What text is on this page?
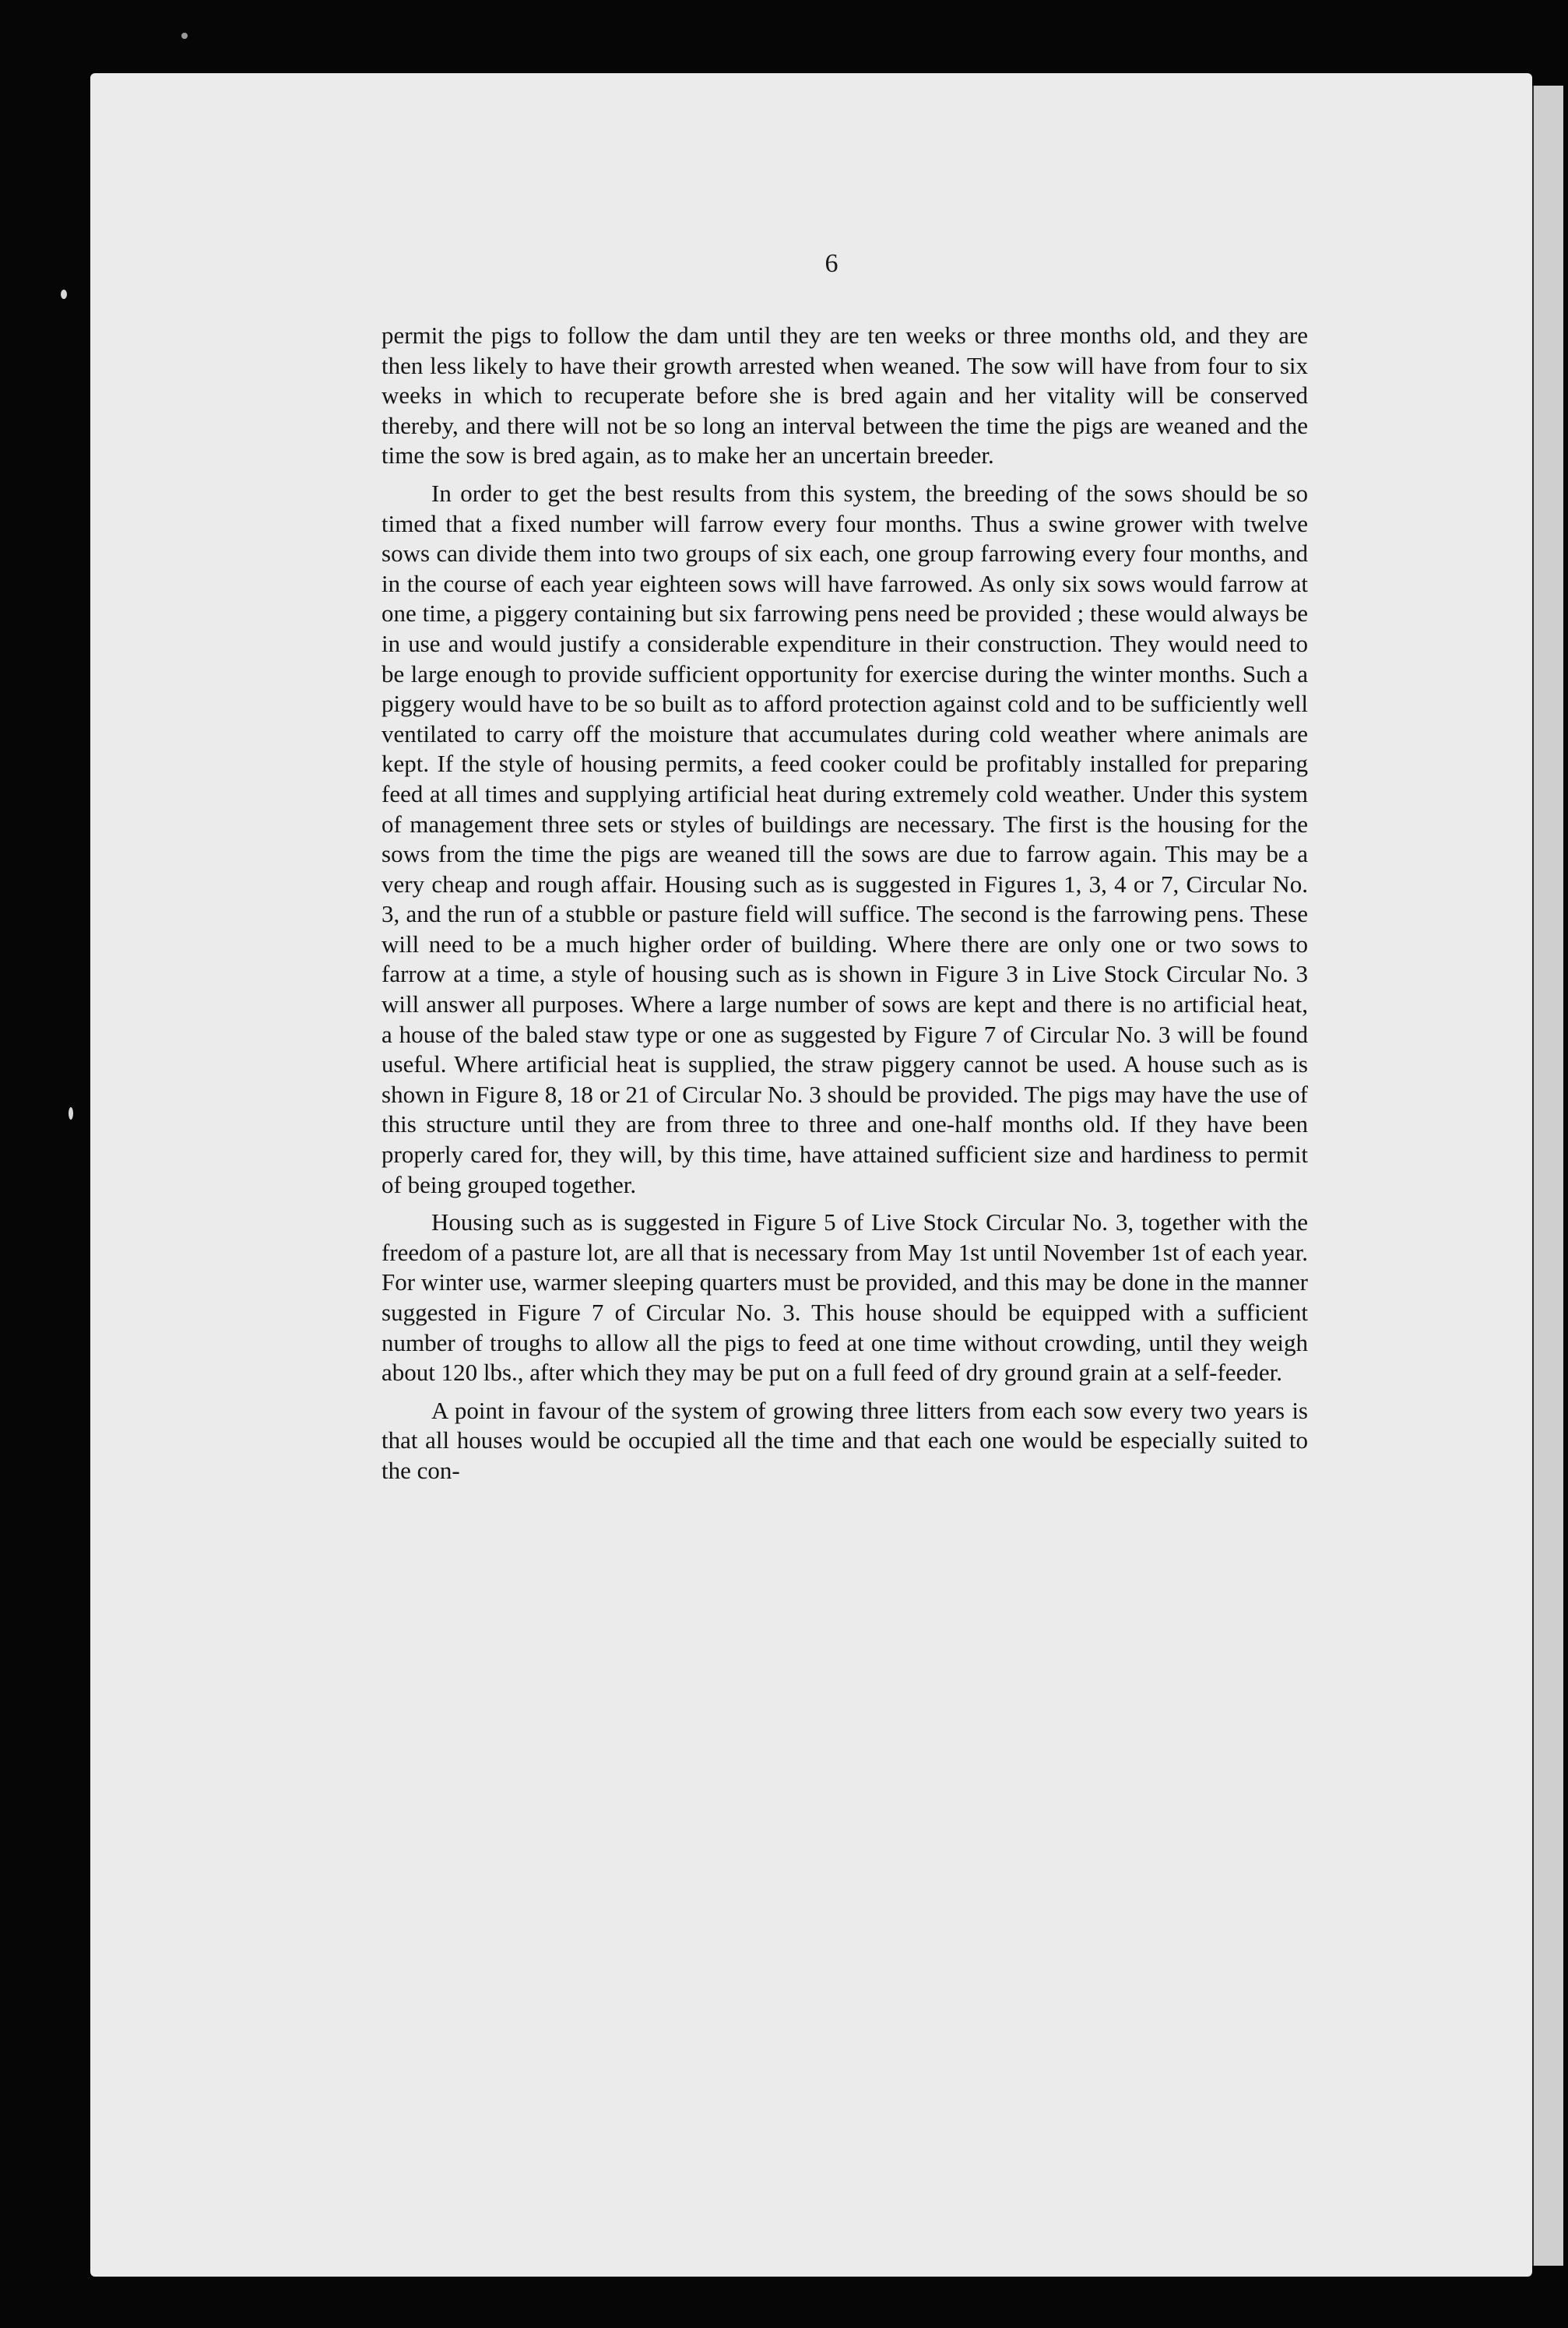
6

permit the pigs to follow the dam until they are ten weeks or three months old, and they are then less likely to have their growth arrested when weaned. The sow will have from four to six weeks in which to recuperate before she is bred again and her vitality will be conserved thereby, and there will not be so long an interval between the time the pigs are weaned and the time the sow is bred again, as to make her an uncertain breeder.

In order to get the best results from this system, the breeding of the sows should be so timed that a fixed number will farrow every four months. Thus a swine grower with twelve sows can divide them into two groups of six each, one group farrowing every four months, and in the course of each year eighteen sows will have farrowed. As only six sows would farrow at one time, a piggery containing but six farrowing pens need be provided ; these would always be in use and would justify a considerable expenditure in their construction. They would need to be large enough to provide sufficient opportunity for exercise during the winter months. Such a piggery would have to be so built as to afford protection against cold and to be sufficiently well ventilated to carry off the moisture that accumulates during cold weather where animals are kept. If the style of housing permits, a feed cooker could be profitably installed for preparing feed at all times and supplying artificial heat during extremely cold weather. Under this system of management three sets or styles of buildings are necessary. The first is the housing for the sows from the time the pigs are weaned till the sows are due to farrow again. This may be a very cheap and rough affair. Housing such as is suggested in Figures 1, 3, 4 or 7, Circular No. 3, and the run of a stubble or pasture field will suffice. The second is the farrowing pens. These will need to be a much higher order of building. Where there are only one or two sows to farrow at a time, a style of housing such as is shown in Figure 3 in Live Stock Circular No. 3 will answer all purposes. Where a large number of sows are kept and there is no artificial heat, a house of the baled staw type or one as suggested by Figure 7 of Circular No. 3 will be found useful. Where artificial heat is supplied, the straw piggery cannot be used. A house such as is shown in Figure 8, 18 or 21 of Circular No. 3 should be provided. The pigs may have the use of this structure until they are from three to three and one-half months old. If they have been properly cared for, they will, by this time, have attained sufficient size and hardiness to permit of being grouped together.

Housing such as is suggested in Figure 5 of Live Stock Circular No. 3, together with the freedom of a pasture lot, are all that is necessary from May 1st until November 1st of each year. For winter use, warmer sleeping quarters must be provided, and this may be done in the manner suggested in Figure 7 of Circular No. 3. This house should be equipped with a sufficient number of troughs to allow all the pigs to feed at one time without crowding, until they weigh about 120 lbs., after which they may be put on a full feed of dry ground grain at a self-feeder.

A point in favour of the system of growing three litters from each sow every two years is that all houses would be occupied all the time and that each one would be especially suited to the con-
